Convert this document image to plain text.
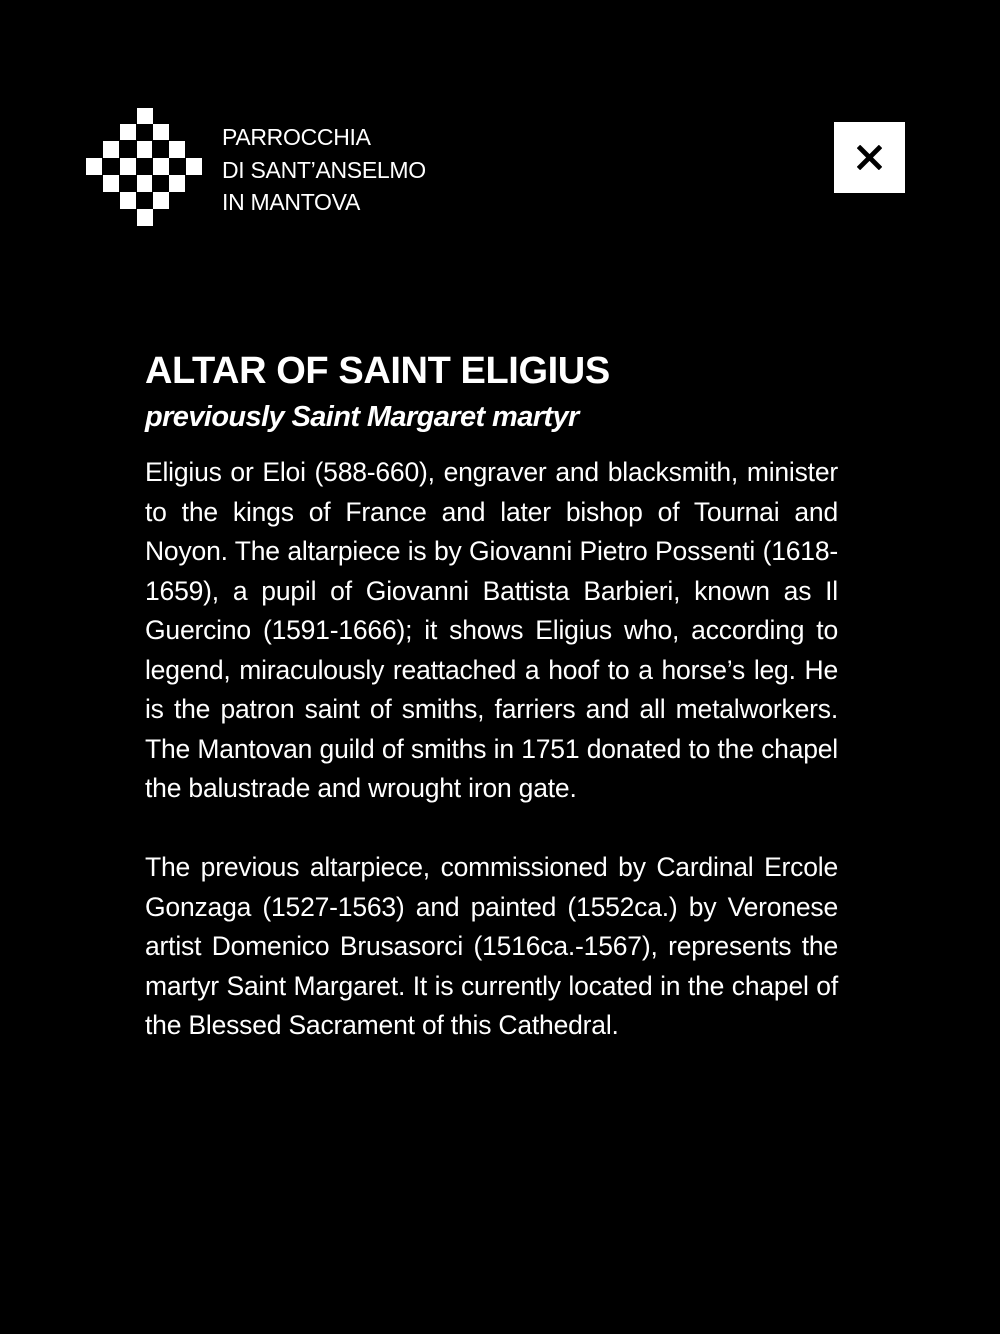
PARROCCHIA
DI SANT’ANSELMO
IN MANTOVA
ALTAR OF SAINT ELIGIUS
previously Saint Margaret martyr

Eligius or Eloi (588-660), engraver and blacksmith, minister to the kings of France and later bishop of Tournai and Noyon. The altarpiece is by Giovanni Pietro Possenti (1618-1659), a pupil of Giovanni Battista Barbieri, known as Il Guercino (1591-1666); it shows Eligius who, according to legend, miraculously reattached a hoof to a horse’s leg. He is the patron saint of smiths, farriers and all metalworkers. The Mantovan guild of smiths in 1751 donated to the chapel the balustrade and wrought iron gate.

The previous altarpiece, commissioned by Cardinal Ercole Gonzaga (1527-1563) and painted (1552ca.) by Veronese artist Domenico Brusasorci (1516ca.-1567), represents the martyr Saint Margaret. It is currently located in the chapel of the Blessed Sacrament of this Cathedral.
